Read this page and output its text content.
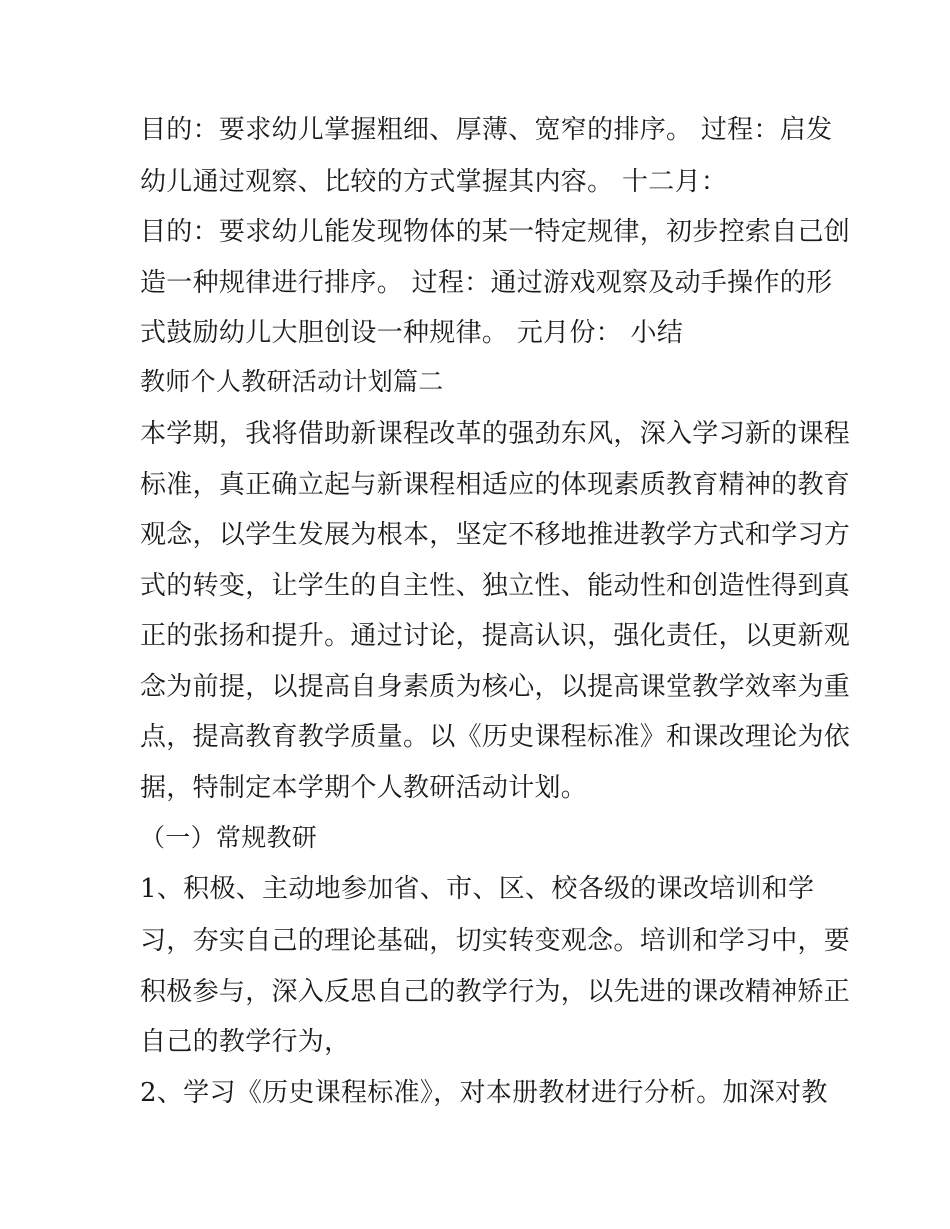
目的：要求幼儿掌握粗细、厚薄、宽窄的排序。 过程：启发
幼儿通过观察、比较的方式掌握其内容。 十二月：
目的：要求幼儿能发现物体的某一特定规律，初步控索自己创
造一种规律进行排序。 过程：通过游戏观察及动手操作的形
式鼓励幼儿大胆创设一种规律。 元月份： 小结
教师个人教研活动计划篇二
本学期，我将借助新课程改革的强劲东风，深入学习新的课程
标准，真正确立起与新课程相适应的体现素质教育精神的教育
观念，以学生发展为根本，坚定不移地推进教学方式和学习方
式的转变，让学生的自主性、独立性、能动性和创造性得到真
正的张扬和提升。通过讨论，提高认识，强化责任，以更新观
念为前提，以提高自身素质为核心，以提高课堂教学效率为重
点，提高教育教学质量。以《历史课程标准》和课改理论为依
据，特制定本学期个人教研活动计划。
（一）常规教研
1、积极、主动地参加省、市、区、校各级的课改培训和学
习，夯实自己的理论基础，切实转变观念。培训和学习中，要
积极参与，深入反思自己的教学行为，以先进的课改精神矫正
自己的教学行为，
2、学习《历史课程标准》，对本册教材进行分析。加深对教
